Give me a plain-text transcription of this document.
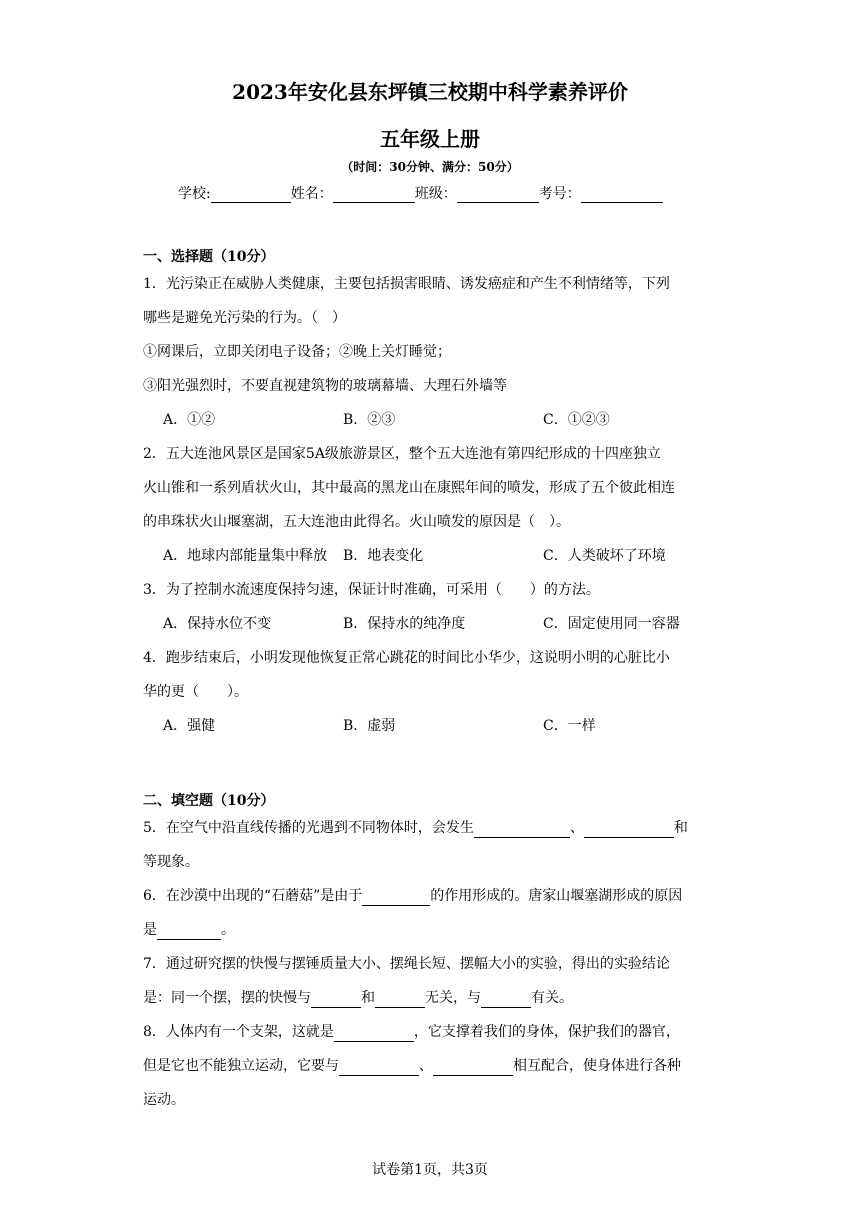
2023年安化县东坪镇三校期中科学素养评价
五年级上册
（时间：30分钟、满分：50分）
学校:	姓名：	班级：	考号：
一、选择题（10分）
1．光污染正在威胁人类健康，主要包括损害眼睛、诱发癌症和产生不利情绪等，下列
哪些是避免光污染的行为。（　）
①网课后，立即关闭电子设备；②晚上关灯睡觉；
③阳光强烈时，不要直视建筑物的玻璃幕墙、大理石外墙等
A．①②	B．②③	C．①②③
2．五大连池风景区是国家5A级旅游景区，整个五大连池有第四纪形成的十四座独立
火山锥和一系列盾状火山，其中最高的黑龙山在康熙年间的喷发，形成了五个彼此相连
的串珠状火山堰塞湖，五大连池由此得名。火山喷发的原因是（　）。
A．地球内部能量集中释放 B．地表变化	C．人类破坏了环境
3．为了控制水流速度保持匀速，保证计时准确，可采用（　　）的方法。
A．保持水位不变	B．保持水的纯净度	C．固定使用同一容器
4．跑步结束后，小明发现他恢复正常心跳花的时间比小华少，这说明小明的心脏比小
华的更（　　）。
A．强健	B．虚弱	C．一样
二、填空题（10分）
5．在空气中沿直线传播的光遇到不同物体时，会发生	、	和
等现象。
6．在沙漠中出现的“石蘑菇”是由于	的作用形成的。唐家山堰塞湖形成的原因
是	。
7．通过研究摆的快慢与摆锤质量大小、摆绳长短、摆幅大小的实验，得出的实验结论
是：同一个摆，摆的快慢与	和	无关，与	有关。
8．人体内有一个支架，这就是	，它支撑着我们的身体，保护我们的器官，
但是它也不能独立运动，它要与	、	相互配合，使身体进行各种
运动。
试卷第1页，共3页
